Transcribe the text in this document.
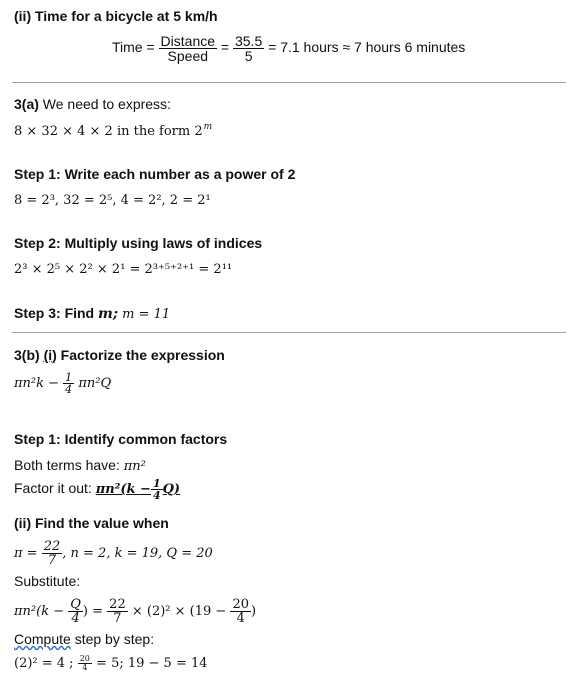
(ii) Time for a bicycle at 5 km/h
Time = $\frac{\text{Distance}}{\text{Speed}} = \frac{35.5}{5} = 7.1$ hours ≈ 7 hours 6 minutes
3(a) We need to express:
8 × 32 × 4 × 2 in the form 2$^m$
Step 1: Write each number as a power of 2
8 = 2³, 32 = 2⁵, 4 = 2², 2 = 2¹
Step 2: Multiply using laws of indices
2³ × 2⁵ × 2² × 2¹ = 2³⁺⁵⁺²⁺¹ = 2¹¹
Step 3: Find m; m = 11
3(b) (i) Factorize the expression
$\pi n^2k - \frac{1}{4} \pi n^2Q$
Step 1: Identify common factors
Both terms have: πn²
Factor it out: $\pi n^2(k - \frac{1}{4} Q)$
(ii) Find the value when
$\pi = \frac{22}{7}$ , n = 2, k = 19, Q = 20
Substitute:
$\pi n^2(k - \frac{Q}{4}$ ) = $\frac{22}{7} \times (2)^2 \times (19 - \frac{20}{4}$ )
Compute step by step:
(2)² = 4 ; $\frac{20}{4} = 5$; 19 − 5 = 14
